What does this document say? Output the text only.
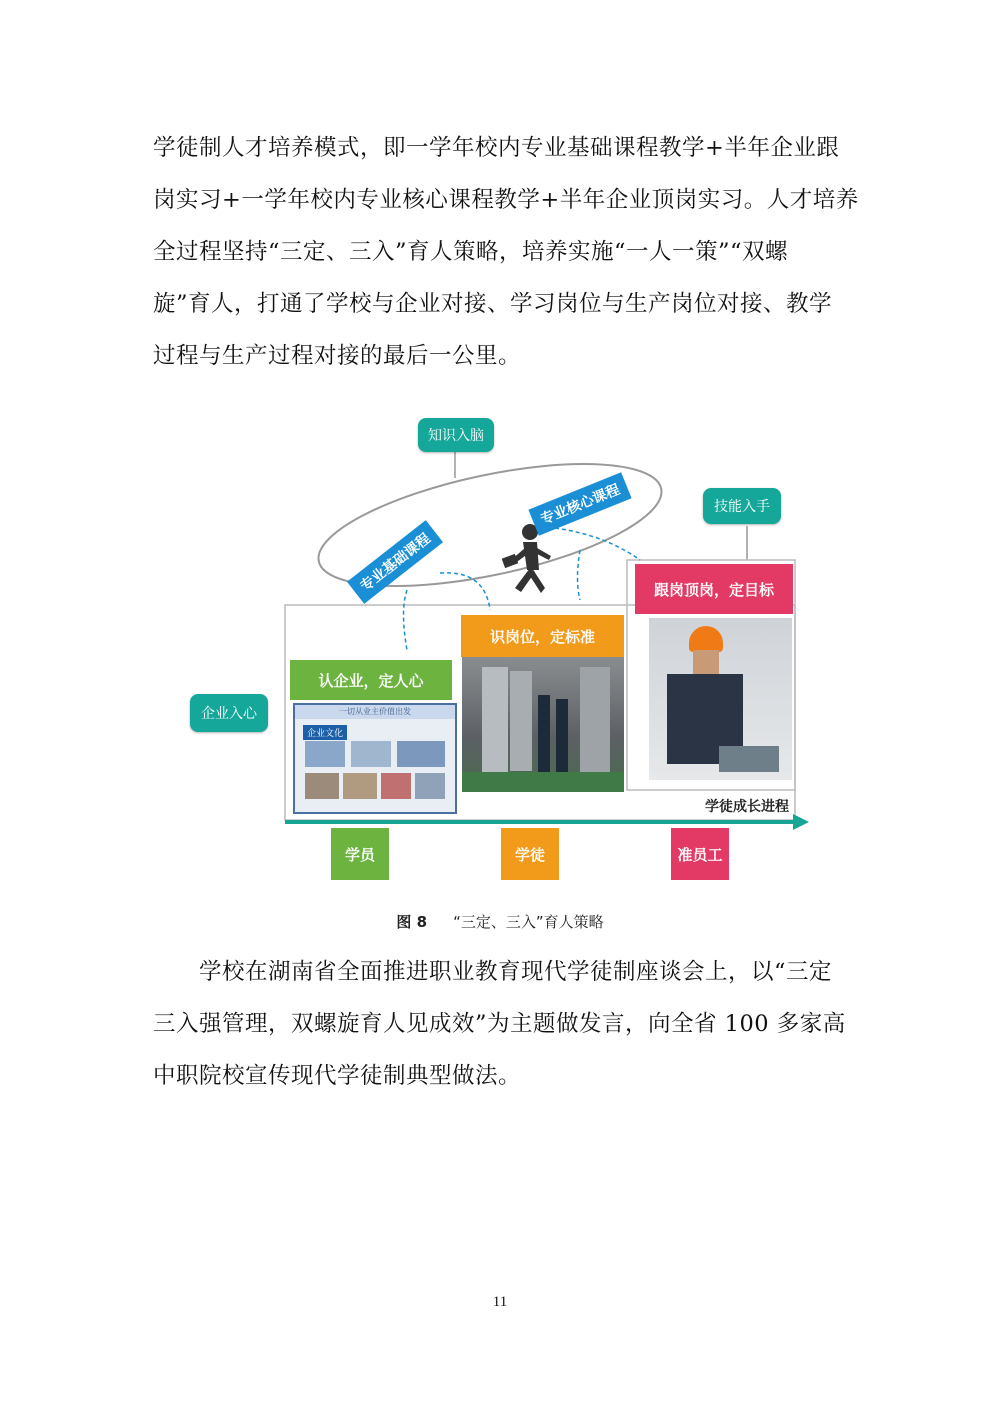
学徒制人才培养模式，即一学年校内专业基础课程教学+半年企业跟
岗实习+一学年校内专业核心课程教学+半年企业顶岗实习。人才培养
全过程坚持“三定、三入”育人策略，培养实施“一人一策”“双螺
旋”育人，打通了学校与企业对接、学习岗位与生产岗位对接、教学
过程与生产过程对接的最后一公里。
知识入脑
技能入手
企业入心
专业基础课程
专业核心课程
认企业，定人心
一切从业主价值出发
企业文化
识岗位，定标准
跟岗顶岗，定目标
学员	学徒	准员工
学徒成长进程
图 8 “三定、三入”育人策略
学校在湖南省全面推进职业教育现代学徒制座谈会上，以“三定
三入强管理，双螺旋育人见成效”为主题做发言，向全省 100 多家高
中职院校宣传现代学徒制典型做法。
11
